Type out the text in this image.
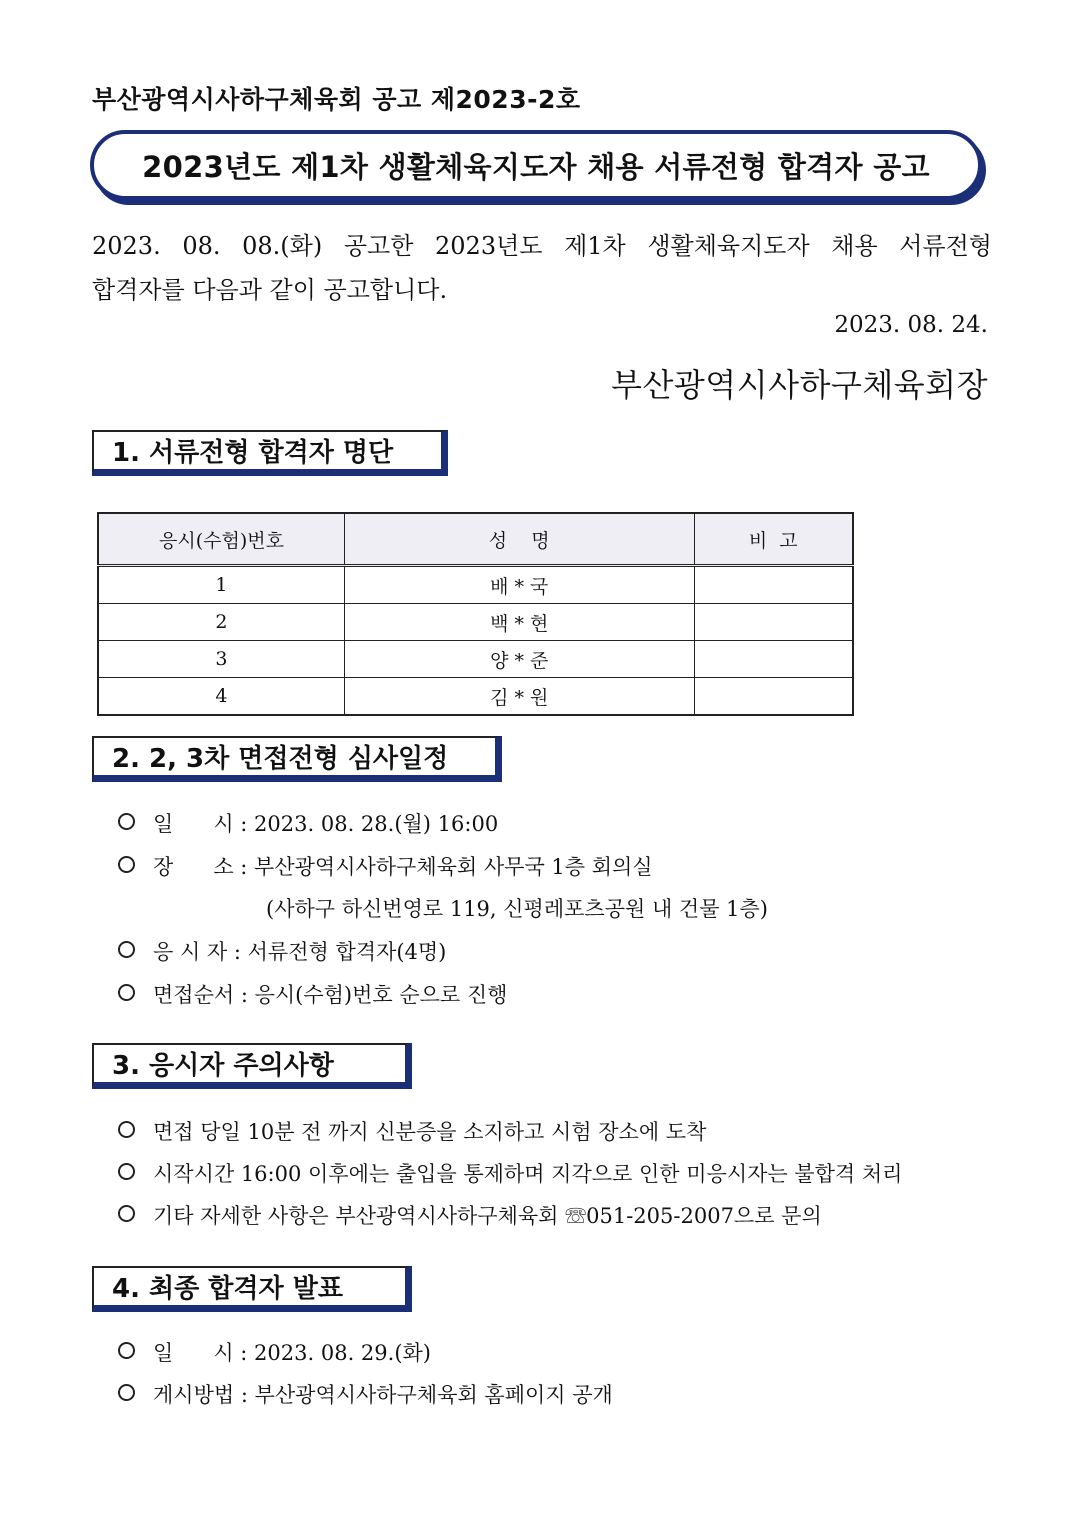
부산광역시사하구체육회 공고 제2023-2호
2023년도 제1차 생활체육지도자 채용 서류전형 합격자 공고
2023. 08. 08.(화) 공고한 2023년도 제1차 생활체육지도자 채용 서류전형
합격자를 다음과 같이 공고합니다.
2023. 08. 24.
부산광역시사하구체육회장
1. 서류전형 합격자 명단
응시(수험)번호	성    명	비  고
1	배 * 국	
2	백 * 현	
3	양 * 준	
4	김 * 원	
2. 2, 3차 면접전형 심사일정
일      시 : 2023. 08. 28.(월) 16:00
장      소 : 부산광역시사하구체육회 사무국 1층 회의실
(사하구 하신번영로 119, 신평레포츠공원 내 건물 1층)
응 시 자 : 서류전형 합격자(4명)
면접순서 : 응시(수험)번호 순으로 진행
3. 응시자 주의사항
면접 당일 10분 전 까지 신분증을 소지하고 시험 장소에 도착
시작시간 16:00 이후에는 출입을 통제하며 지각으로 인한 미응시자는 불합격 처리
기타 자세한 사항은 부산광역시사하구체육회 ☏051-205-2007으로 문의
4. 최종 합격자 발표
일      시 : 2023. 08. 29.(화)
게시방법 : 부산광역시사하구체육회 홈페이지 공개
